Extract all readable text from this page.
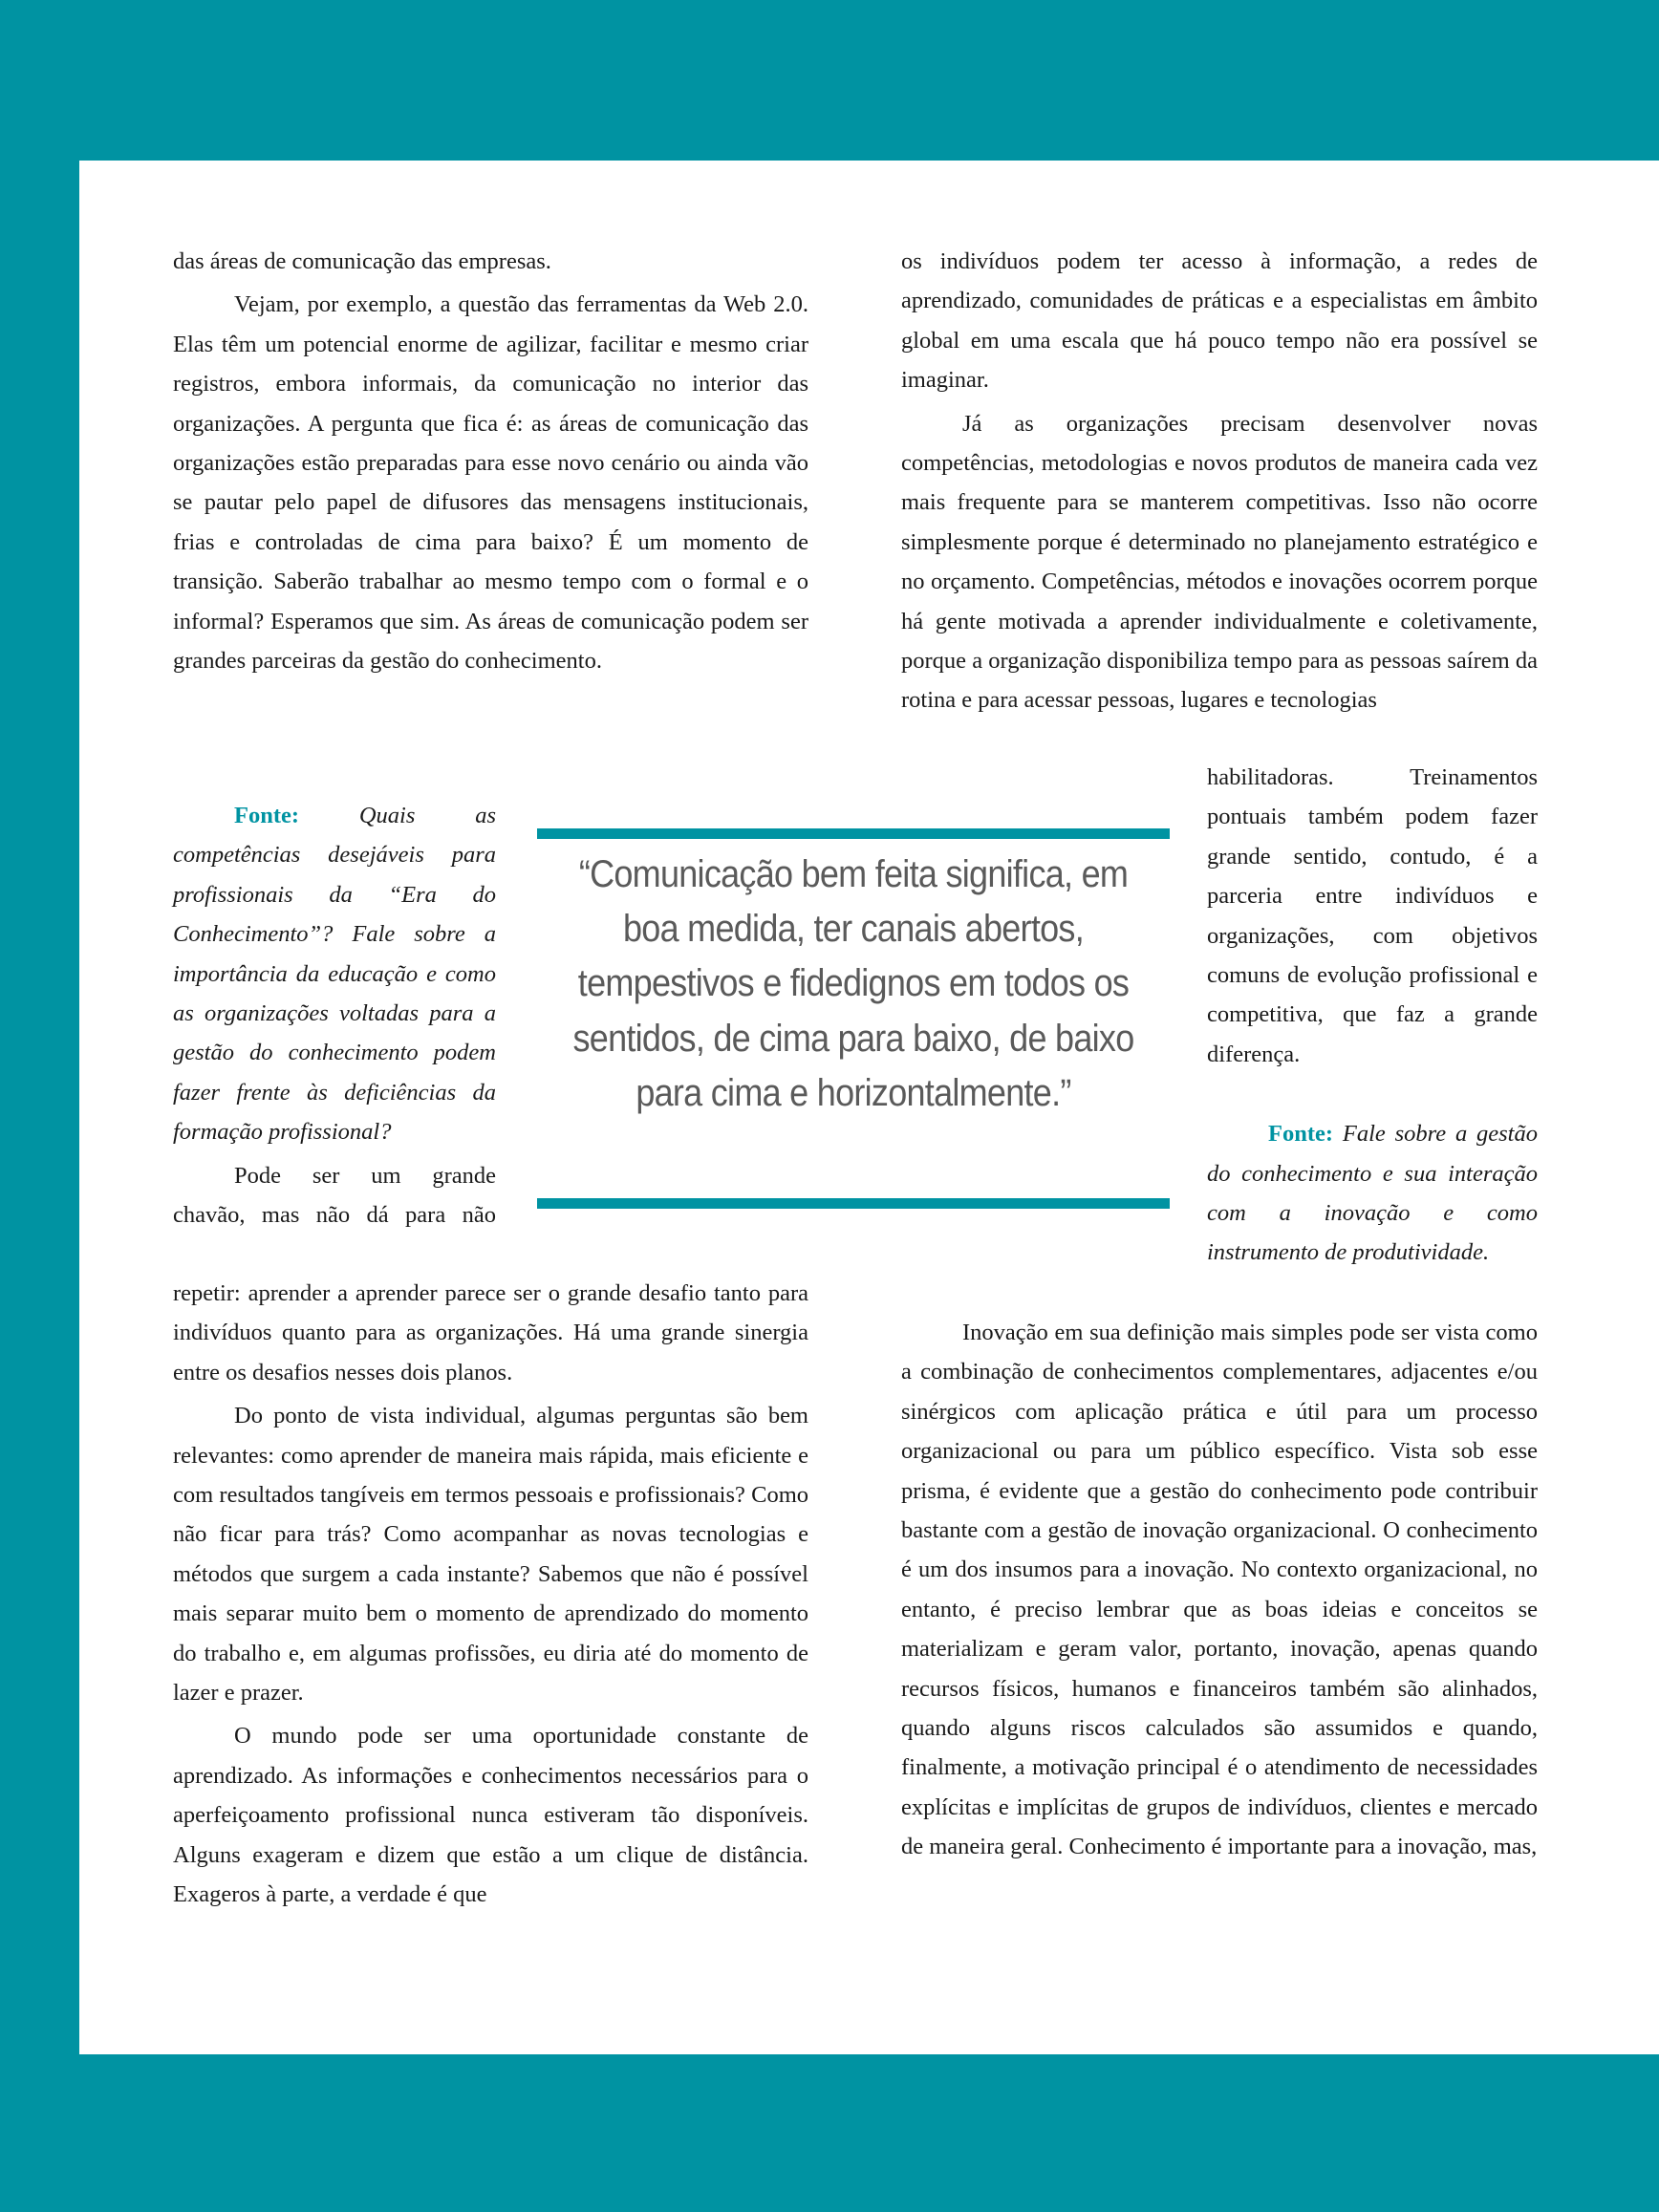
das áreas de comunicação das empresas.

Vejam, por exemplo, a questão das ferramentas da Web 2.0. Elas têm um potencial enorme de agilizar, facilitar e mesmo criar registros, embora informais, da comunicação no interior das organizações. A pergunta que fica é: as áreas de comunicação das organizações estão preparadas para esse novo cenário ou ainda vão se pautar pelo papel de difusores das mensagens institucionais, frias e controladas de cima para baixo? É um momento de transição. Saberão trabalhar ao mesmo tempo com o formal e o informal? Esperamos que sim. As áreas de comunicação podem ser grandes parceiras da gestão do conhecimento.

Fonte:	Quais as competências desejáveis para profissionais da “Era do Conhecimento”? Fale sobre a importância da educação e como as organizações voltadas para a gestão do conhecimento podem fazer frente às deficiências da formação profissional?

Pode ser um grande chavão, mas não dá para não

repetir: aprender a aprender parece ser o grande desafio tanto para indivíduos quanto para as organizações. Há uma grande sinergia entre os desafios nesses dois planos.

Do ponto de vista individual, algumas perguntas são bem relevantes: como aprender de maneira mais rápida, mais eficiente e com resultados tangíveis em termos pessoais e profissionais? Como não ficar para trás? Como acompanhar as novas tecnologias e métodos que surgem a cada instante? Sabemos que não é possível mais separar muito bem o momento de aprendizado do momento do trabalho e, em algumas profissões, eu diria até do momento de lazer e prazer.

O mundo pode ser uma oportunidade constante de aprendizado. As informações e conhecimentos necessários para o aperfeiçoamento profissional nunca estiveram tão disponíveis. Alguns exageram e dizem que estão a um clique de distância. Exageros à parte, a verdade é que

os indivíduos podem ter acesso à informação, a redes de aprendizado, comunidades de práticas e a especialistas em âmbito global em uma escala que há pouco tempo não era possível se imaginar.

Já as organizações precisam desenvolver novas competências, metodologias e novos produtos de maneira cada vez mais frequente para se manterem competitivas. Isso não ocorre simplesmente porque é determinado no planejamento estratégico e no orçamento. Competências, métodos e inovações ocorrem porque há gente motivada a aprender individualmente e coletivamente, porque a organização disponibiliza tempo para as pessoas saírem da rotina e para acessar pessoas, lugares e tecnologias

habilitadoras. Treinamentos pontuais também podem fazer grande sentido, contudo, é a parceria entre indivíduos e organizações, com objetivos comuns de evolução profissional e competitiva, que faz a grande diferença.

Fonte: Fale sobre a gestão do conhecimento e sua interação com a inovação e como instrumento de produtividade.

Inovação em sua definição mais simples pode ser vista como a combinação de conhecimentos complementares, adjacentes e/ou sinérgicos com aplicação prática e útil para um processo organizacional ou para um público específico. Vista sob esse prisma, é evidente que a gestão do conhecimento pode contribuir bastante com a gestão de inovação organizacional. O conhecimento é um dos insumos para a inovação. No contexto organizacional, no entanto, é preciso lembrar que as boas ideias e conceitos se materializam e geram valor, portanto, inovação, apenas quando recursos físicos, humanos e financeiros também são alinhados, quando alguns riscos calculados são assumidos e quando, finalmente, a motivação principal é o atendimento de necessidades explícitas e implícitas de grupos de indivíduos, clientes e mercado de maneira geral. Conhecimento é importante para a inovação, mas,

“Comunicação bem feita significa, em boa medida, ter canais abertos, tempestivos e fidedignos em todos os sentidos, de cima para baixo, de baixo para cima e horizontalmente.”
